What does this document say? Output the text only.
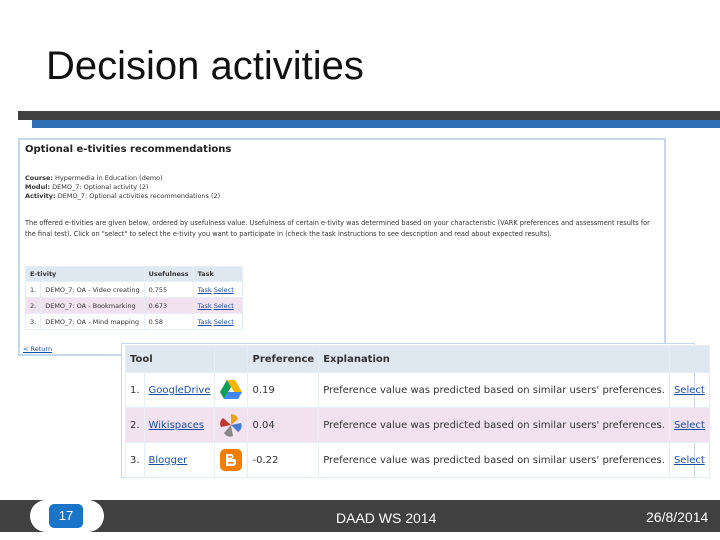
Decision activities
Optional e-tivities recommendations
Course: Hypermedia in Education (demo)
Modul: DEMO_7: Optional activity (2)
Activity: DEMO_7: Optional activities recommendations (2)
The offered e-tivities are given below, ordered by usefulness value. Usefulness of certain e-tivity was determined based on your characteristic (VARK preferences and assessment results for the final test). Click on "select" to select the e-tivity you want to participate in (check the task instructions to see description and read about expected results).
E-tivity		Usefulness	Task
1.	DEMO_7: OA - Video creating	0.755	Task Select
2.	DEMO_7: OA - Bookmarking	0.673	Task Select
3.	DEMO_7: OA - Mind mapping	0.58	Task Select
< Return
Tool			Preference	Explanation	
1.	GoogleDrive		0.19	Preference value was predicted based on similar users' preferences.	Select
2.	Wikispaces		0.04	Preference value was predicted based on similar users' preferences.	Select
3.	Blogger		-0.22	Preference value was predicted based on similar users' preferences.	Select
17	DAAD WS 2014	26/8/2014
